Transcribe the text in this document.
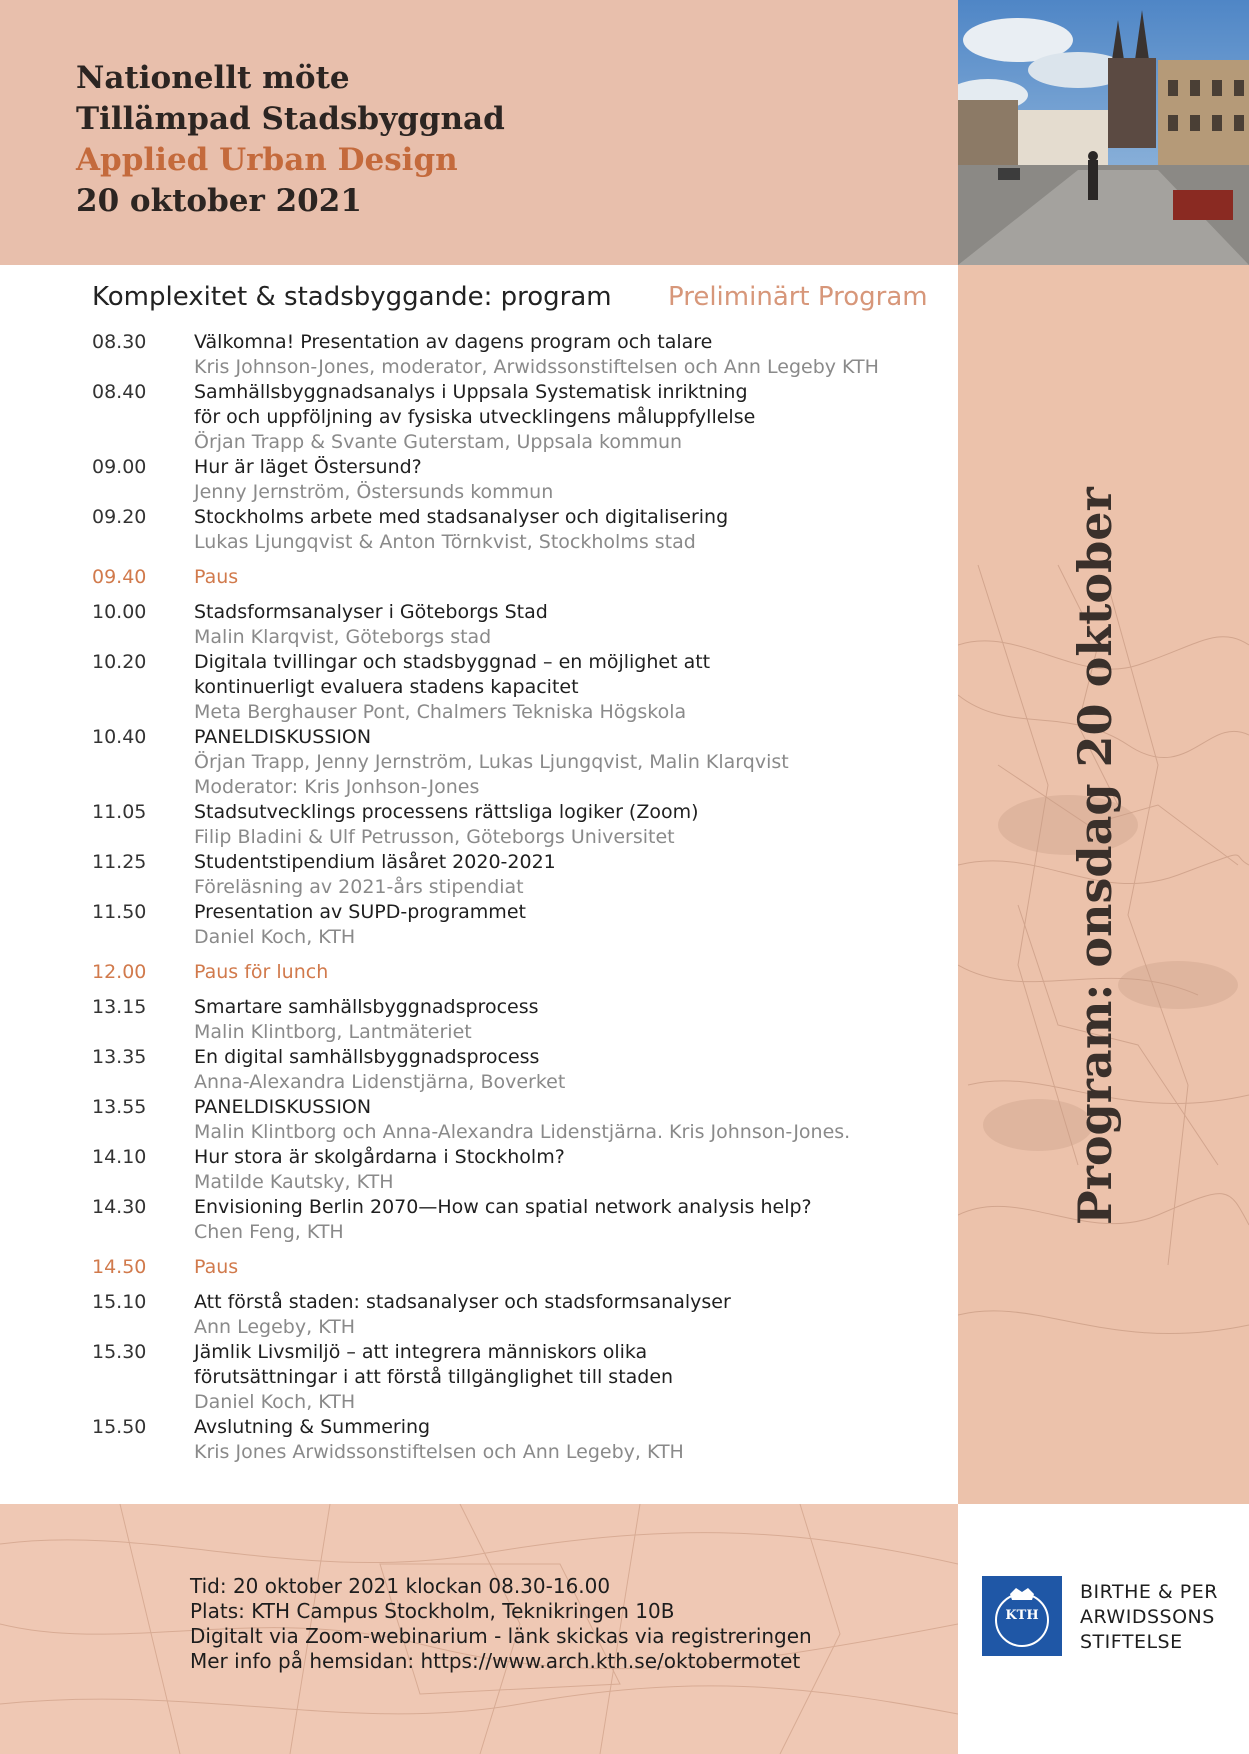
Nationellt möte
Tillämpad Stadsbyggnad
Applied Urban Design
20 oktober 2021
Program: onsdag 20 oktober
Komplexitet & stadsbyggande: program Preliminärt Program
08.30	Välkomna! Presentation av dagens program och talare
Kris Johnson-Jones, moderator, Arwidssonstiftelsen och Ann Legeby KTH
08.40	Samhällsbyggnadsanalys i Uppsala Systematisk inriktning för och uppföljning av fysiska utvecklingens måluppfyllelse
Örjan Trapp & Svante Guterstam, Uppsala kommun
09.00	Hur är läget Östersund?
Jenny Jernström, Östersunds kommun
09.20	Stockholms arbete med stadsanalyser och digitalisering
Lukas Ljungqvist & Anton Törnkvist, Stockholms stad
09.40	Paus
10.00	Stadsformsanalyser i Göteborgs Stad
Malin Klarqvist, Göteborgs stad
10.20	Digitala tvillingar och stadsbyggnad – en möjlighet att kontinuerligt evaluera stadens kapacitet
Meta Berghauser Pont, Chalmers Tekniska Högskola
10.40	PANELDISKUSSION
Örjan Trapp, Jenny Jernström, Lukas Ljungqvist, Malin Klarqvist
Moderator: Kris Jonhson-Jones
11.05	Stadsutvecklings processens rättsliga logiker (Zoom)
Filip Bladini & Ulf Petrusson, Göteborgs Universitet
11.25	Studentstipendium läsåret 2020-2021
Föreläsning av 2021-års stipendiat
11.50	Presentation av SUPD-programmet
Daniel Koch, KTH
12.00	Paus för lunch
13.15	Smartare samhällsbyggnadsprocess
Malin Klintborg, Lantmäteriet
13.35	En digital samhällsbyggnadsprocess
Anna-Alexandra Lidenstjärna, Boverket
13.55	PANELDISKUSSION
Malin Klintborg och Anna-Alexandra Lidenstjärna. Kris Johnson-Jones.
14.10	Hur stora är skolgårdarna i Stockholm?
Matilde Kautsky, KTH
14.30	Envisioning Berlin 2070—How can spatial network analysis help?
Chen Feng, KTH
14.50	Paus
15.10	Att förstå staden: stadsanalyser och stadsformsanalyser
Ann Legeby, KTH
15.30	Jämlik Livsmiljö – att integrera människors olika förutsättningar i att förstå tillgänglighet till staden
Daniel Koch, KTH
15.50	Avslutning & Summering
Kris Jones Arwidssonstiftelsen och Ann Legeby, KTH
Tid: 20 oktober 2021 klockan 08.30-16.00
Plats: KTH Campus Stockholm, Teknikringen 10B
Digitalt via Zoom-webinarium - länk skickas via registreringen
Mer info på hemsidan: https://www.arch.kth.se/oktobermotet
KTH
BIRTHE & PER
ARWIDSSONS
STIFTELSE
